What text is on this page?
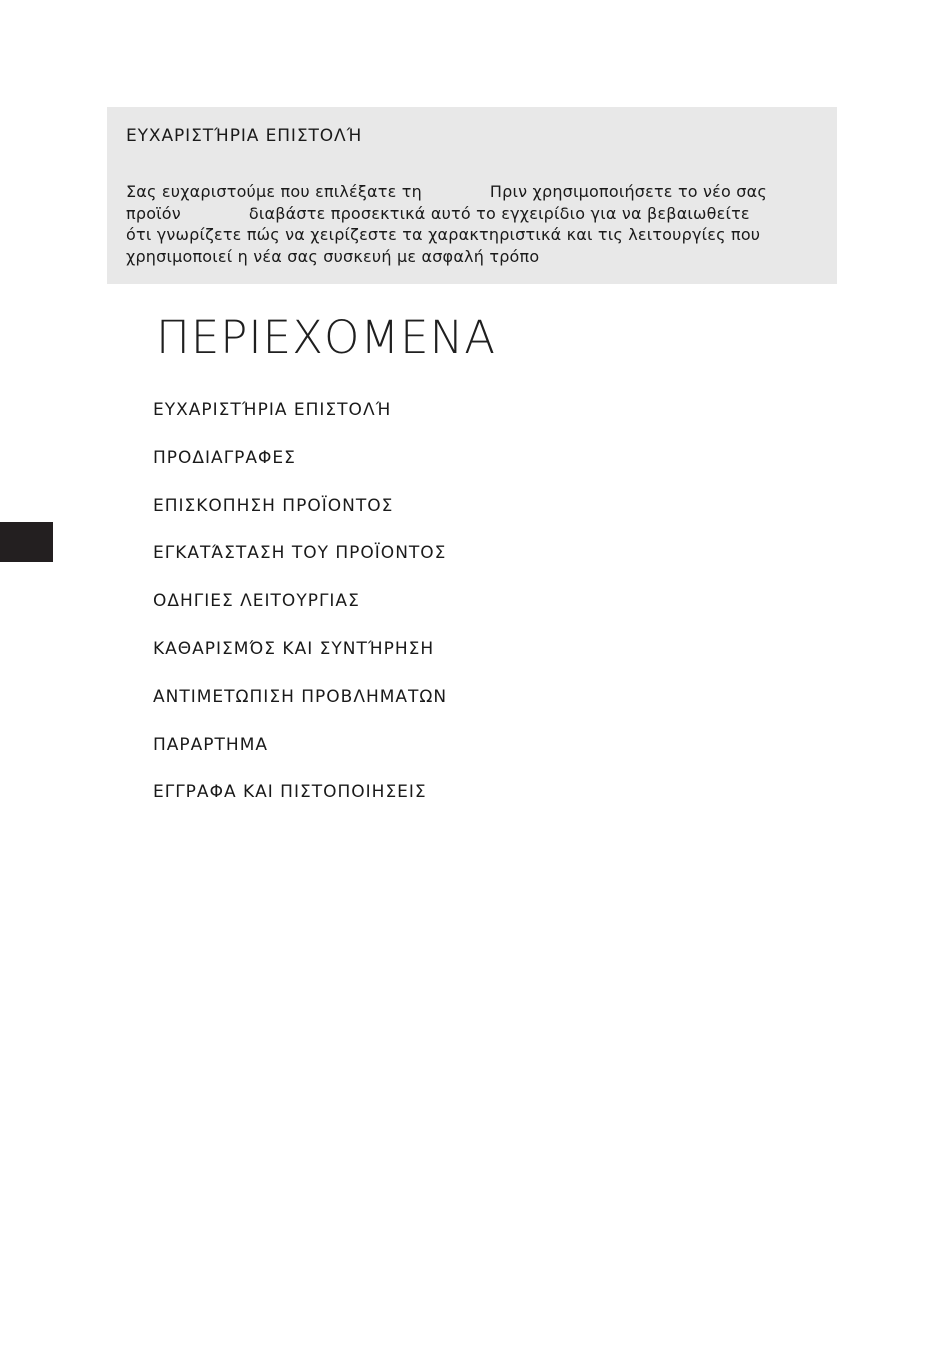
ΕΥΧΑΡΙΣΤΉΡΙΑ ΕΠΙΣΤΟΛΉ
Σας ευχαριστούμε που επιλέξατε τη	Πριν χρησιμοποιήσετε το νέο σας
προϊόν	διαβάστε προσεκτικά αυτό το εγχειρίδιο για να βεβαιωθείτε
ότι γνωρίζετε πώς να χειρίζεστε τα χαρακτηριστικά και τις λειτουργίες που
χρησιμοποιεί η νέα σας συσκευή με ασφαλή τρόπο
ΠΕΡΙΕΧΟΜΕΝΑ
ΕΥΧΑΡΙΣΤΉΡΙΑ ΕΠΙΣΤΟΛΉ
ΠΡΟΔΙΑΓΡΑΦΕΣ
ΕΠΙΣΚΟΠΗΣΗ ΠΡΟΪΟΝΤΟΣ
ΕΓΚΑΤΆΣΤΑΣΗ ΤΟΥ ΠΡΟΪΟΝΤΟΣ
ΟΔΗΓΙΕΣ ΛΕΙΤΟΥΡΓΙΑΣ
ΚΑΘΑΡΙΣΜΌΣ ΚΑΙ ΣΥΝΤΉΡΗΣΗ
ΑΝΤΙΜΕΤΩΠΙΣΗ ΠΡΟΒΛΗΜΑΤΩΝ
ΠΑΡΑΡΤΗΜΑ
ΕΓΓΡΑΦΑ ΚΑΙ ΠΙΣΤΟΠΟΙΗΣΕΙΣ
